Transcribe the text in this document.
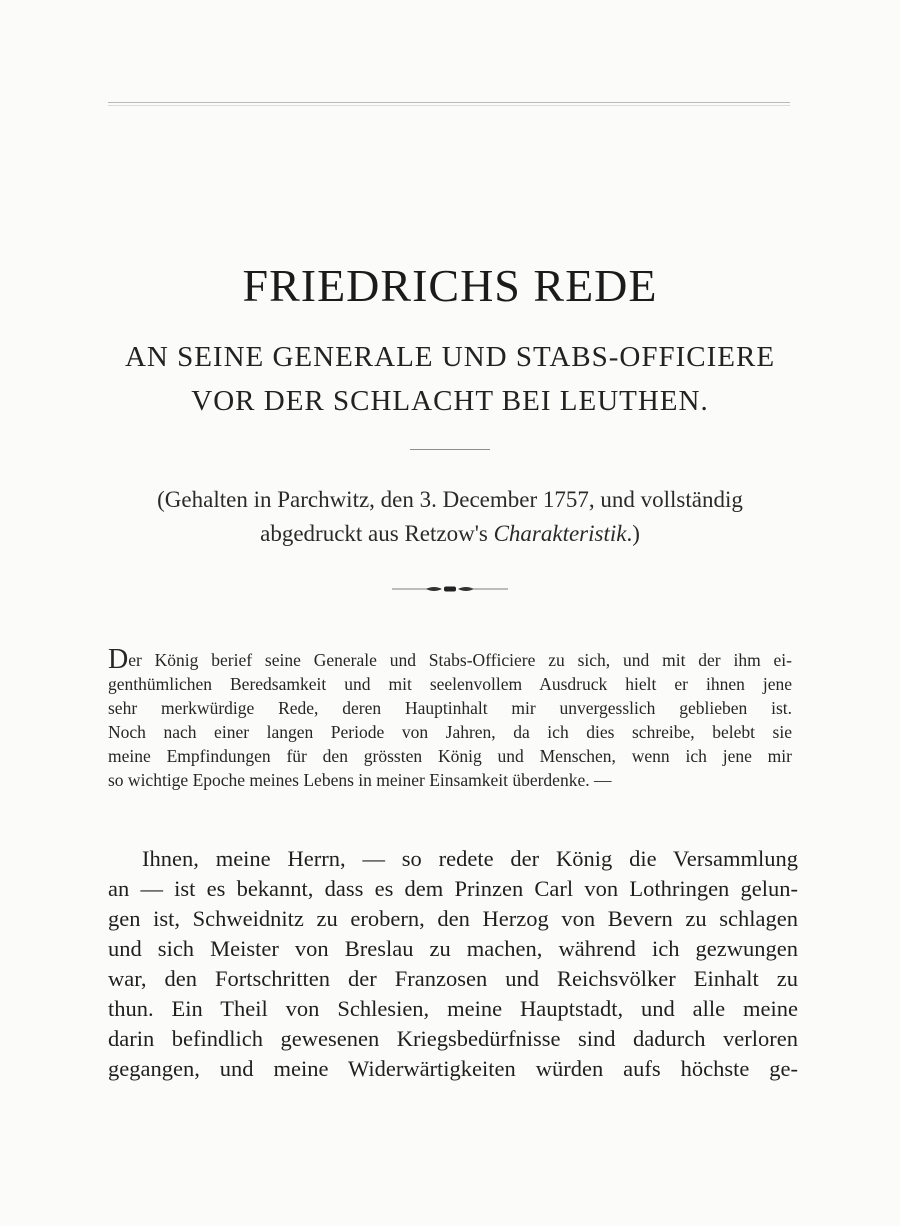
FRIEDRICHS REDE

AN SEINE GENERALE UND STABS-OFFICIERE

VOR DER SCHLACHT BEI LEUTHEN.

(Gehalten in Parchwitz, den 3. December 1757, und vollständig

abgedruckt aus Retzow's Charakteristik.)

Der König berief seine Generale und Stabs-Officiere zu sich, und mit der ihm ei-
genthümlichen Beredsamkeit und mit seelenvollem Ausdruck hielt er ihnen jene
sehr merkwürdige Rede, deren Hauptinhalt mir unvergesslich geblieben ist.
Noch nach einer langen Periode von Jahren, da ich dies schreibe, belebt sie
meine Empfindungen für den grössten König und Menschen, wenn ich jene mir
so wichtige Epoche meines Lebens in meiner Einsamkeit überdenke. —
Ihnen, meine Herrn, — so redete der König die Versammlung
an — ist es bekannt, dass es dem Prinzen Carl von Lothringen gelun-
gen ist, Schweidnitz zu erobern, den Herzog von Bevern zu schlagen
und sich Meister von Breslau zu machen, während ich gezwungen
war, den Fortschritten der Franzosen und Reichsvölker Einhalt zu
thun. Ein Theil von Schlesien, meine Hauptstadt, und alle meine
darin befindlich gewesenen Kriegsbedürfnisse sind dadurch verloren
gegangen, und meine Widerwärtigkeiten würden aufs höchste ge-
